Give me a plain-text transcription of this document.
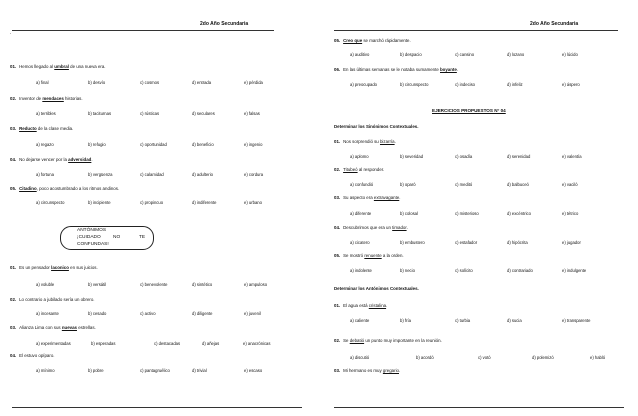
2do Año Secundaria
.
01. Hemos llegado al umbral de una nueva era.
a) final	b) desvío	c) cosmos	d) entrada	e) pérdida
02. Inventor de mendaces historias.
a) terribles	b) taciturnas	c) rústicas	d) seculares	e) falsas
03. Reducto de la clase media.
a) regazo	b) refugio	c) oportunidad	d) beneficio	e) ingenio
04. No dejarse vencer por la adversidad.
a) fortuna	b) vergüenza	c) calamidad	d) adulterio	e) cordura
05. Citadino, poco acostumbrado a los ritmos andinos.
a) circunspecto	b) incipiente	c) propincuo	d) indiferente	e) urbano
ANTÓNIMOS
¡CUIDADO	NO	TE
CONFUNDAS!
01. Es un pensador laconico en sus juicios.
a) voluble	b) versátil	c) benevolente	d) sintético	e) ampuloso
02. Lo contrario a jubilado sería un obrero.
a) incesante	b) cesado	c) activo	d) diligente	e) juvenil
03. Alianza Lima con sus nuevas estrellas.
a) experimentadas	b) esperadas	c) destacadas	d) añejas	e) anacrónicas
04. El estuvo opíparo.
a) mínimo	b) pobre	c) pantagruélico	d) trivial	e) escaso
2do Año Secundaria
05. Creo que se marchó rápidamente.
a) auditivo	b) despacio	c) cansino	d) lozano	e) lúcido
06. En las últimas semanas se le notaba sumamente boyante.
a) preocupado	b) circunspecto	c) indeciso	d) infeliz	e) áspero
EJERCICIOS PROPUESTOS N° 04
Determinar los Sinónimos Contextuales.
01. Nos sorprendió su bizarría.
a) aplomo	b) severidad	c) osadía	d) serenidad	e) valentía
02. Titubeó al responder.
a) confundió	b) oparó	c) meditó	d) balbuceó	e) vaciló
03. Su aspecto era extravagante.
a) diferente	b) colosal	c) misterioso	d) excéntrico	e) tétrico
04. Descubrimos que era un timador.
a) cicatero	b) embustero	c) estafador	d) hipócrita	e) jugador
05. Se mostró renuente a la orden.
a) indolente	b) necio	c) solícito	d) contrariado	e) indulgente
Determinar los Antónimos Contextuales.
01. El agua está cristalina.
a) caliente	b) fría	c) turbia	d) sucia	e) transparente
02. Se debatió un punto muy importante en la reunión.
a) discutió	b) acordó	c) votó	d) polemizó	e) habló
03. Mi hermano es muy gregario.
